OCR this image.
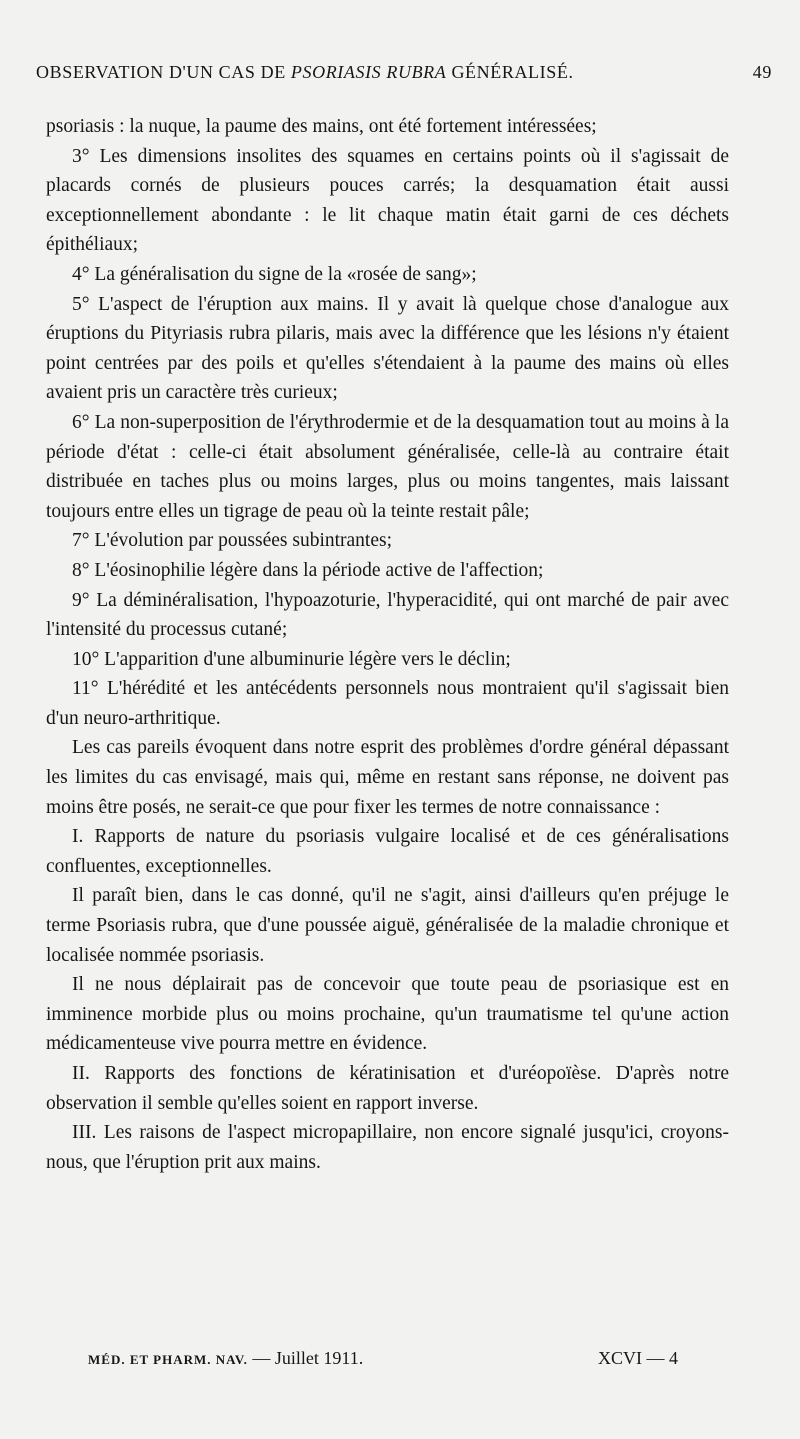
OBSERVATION D'UN CAS DE PSORIASIS RUBRA GÉNÉRALISÉ.	49

psoriasis : la nuque, la paume des mains, ont été fortement intéressées;

3° Les dimensions insolites des squames en certains points où il s'agissait de placards cornés de plusieurs pouces carrés; la desquamation était aussi exceptionnellement abondante : le lit chaque matin était garni de ces déchets épithéliaux;

4° La généralisation du signe de la «rosée de sang»;

5° L'aspect de l'éruption aux mains. Il y avait là quelque chose d'analogue aux éruptions du Pityriasis rubra pilaris, mais avec la différence que les lésions n'y étaient point centrées par des poils et qu'elles s'étendaient à la paume des mains où elles avaient pris un caractère très curieux;

6° La non-superposition de l'érythrodermie et de la desquamation tout au moins à la période d'état : celle-ci était absolument généralisée, celle-là au contraire était distribuée en taches plus ou moins larges, plus ou moins tangentes, mais laissant toujours entre elles un tigrage de peau où la teinte restait pâle;

7° L'évolution par poussées subintrantes;

8° L'éosinophilie légère dans la période active de l'affection;

9° La déminéralisation, l'hypoazoturie, l'hyperacidité, qui ont marché de pair avec l'intensité du processus cutané;

10° L'apparition d'une albuminurie légère vers le déclin;

11° L'hérédité et les antécédents personnels nous montraient qu'il s'agissait bien d'un neuro-arthritique.

Les cas pareils évoquent dans notre esprit des problèmes d'ordre général dépassant les limites du cas envisagé, mais qui, même en restant sans réponse, ne doivent pas moins être posés, ne serait-ce que pour fixer les termes de notre connaissance :

I. Rapports de nature du psoriasis vulgaire localisé et de ces généralisations confluentes, exceptionnelles.

Il paraît bien, dans le cas donné, qu'il ne s'agit, ainsi d'ailleurs qu'en préjuge le terme Psoriasis rubra, que d'une poussée aiguë, généralisée de la maladie chronique et localisée nommée psoriasis.

Il ne nous déplairait pas de concevoir que toute peau de psoriasique est en imminence morbide plus ou moins prochaine, qu'un traumatisme tel qu'une action médicamenteuse vive pourra mettre en évidence.

II. Rapports des fonctions de kératinisation et d'uréopoïèse. D'après notre observation il semble qu'elles soient en rapport inverse.

III. Les raisons de l'aspect micropapillaire, non encore signalé jusqu'ici, croyons-nous, que l'éruption prit aux mains.

MÉD. ET PHARM. NAV. — Juillet 1911.	XCVI — 4
